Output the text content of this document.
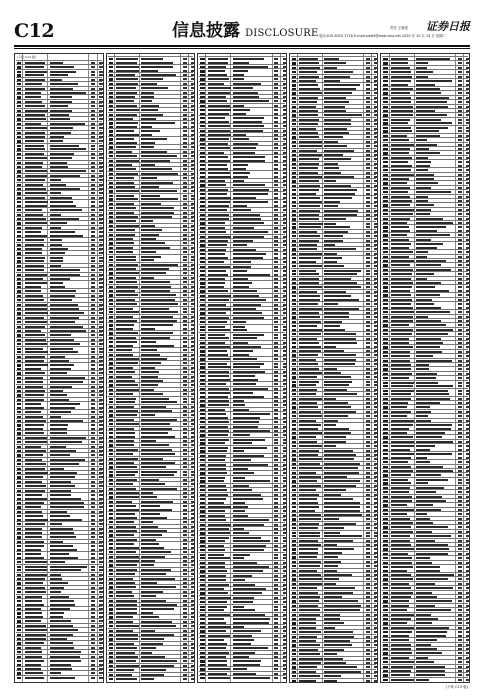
C12	信息披露 DISCLOSURE	责任 王晓美
电话:010-8325 1716 E-mail:zqrb9@zqrb.sina.net 2020 年 10 月 13 日 星期二
证券日报
(下转 C11 版)
(下转 C13 版)
